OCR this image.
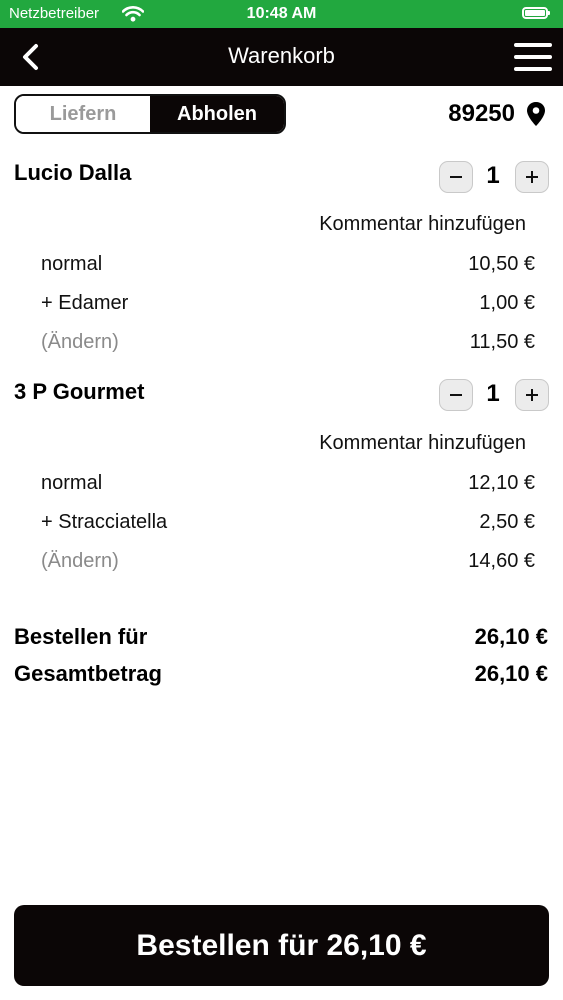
Netzbetreiber	10:48 AM
Warenkorb
Liefern	Abholen	89250
Lucio Dalla	1
Kommentar hinzufügen
normal	10,50 €
+ Edamer	1,00 €
(Ändern)	11,50 €
3 P Gourmet	1
Kommentar hinzufügen
normal	12,10 €
+ Stracciatella	2,50 €
(Ändern)	14,60 €
Bestellen für	26,10 €
Gesamtbetrag	26,10 €
Bestellen für 26,10 €
